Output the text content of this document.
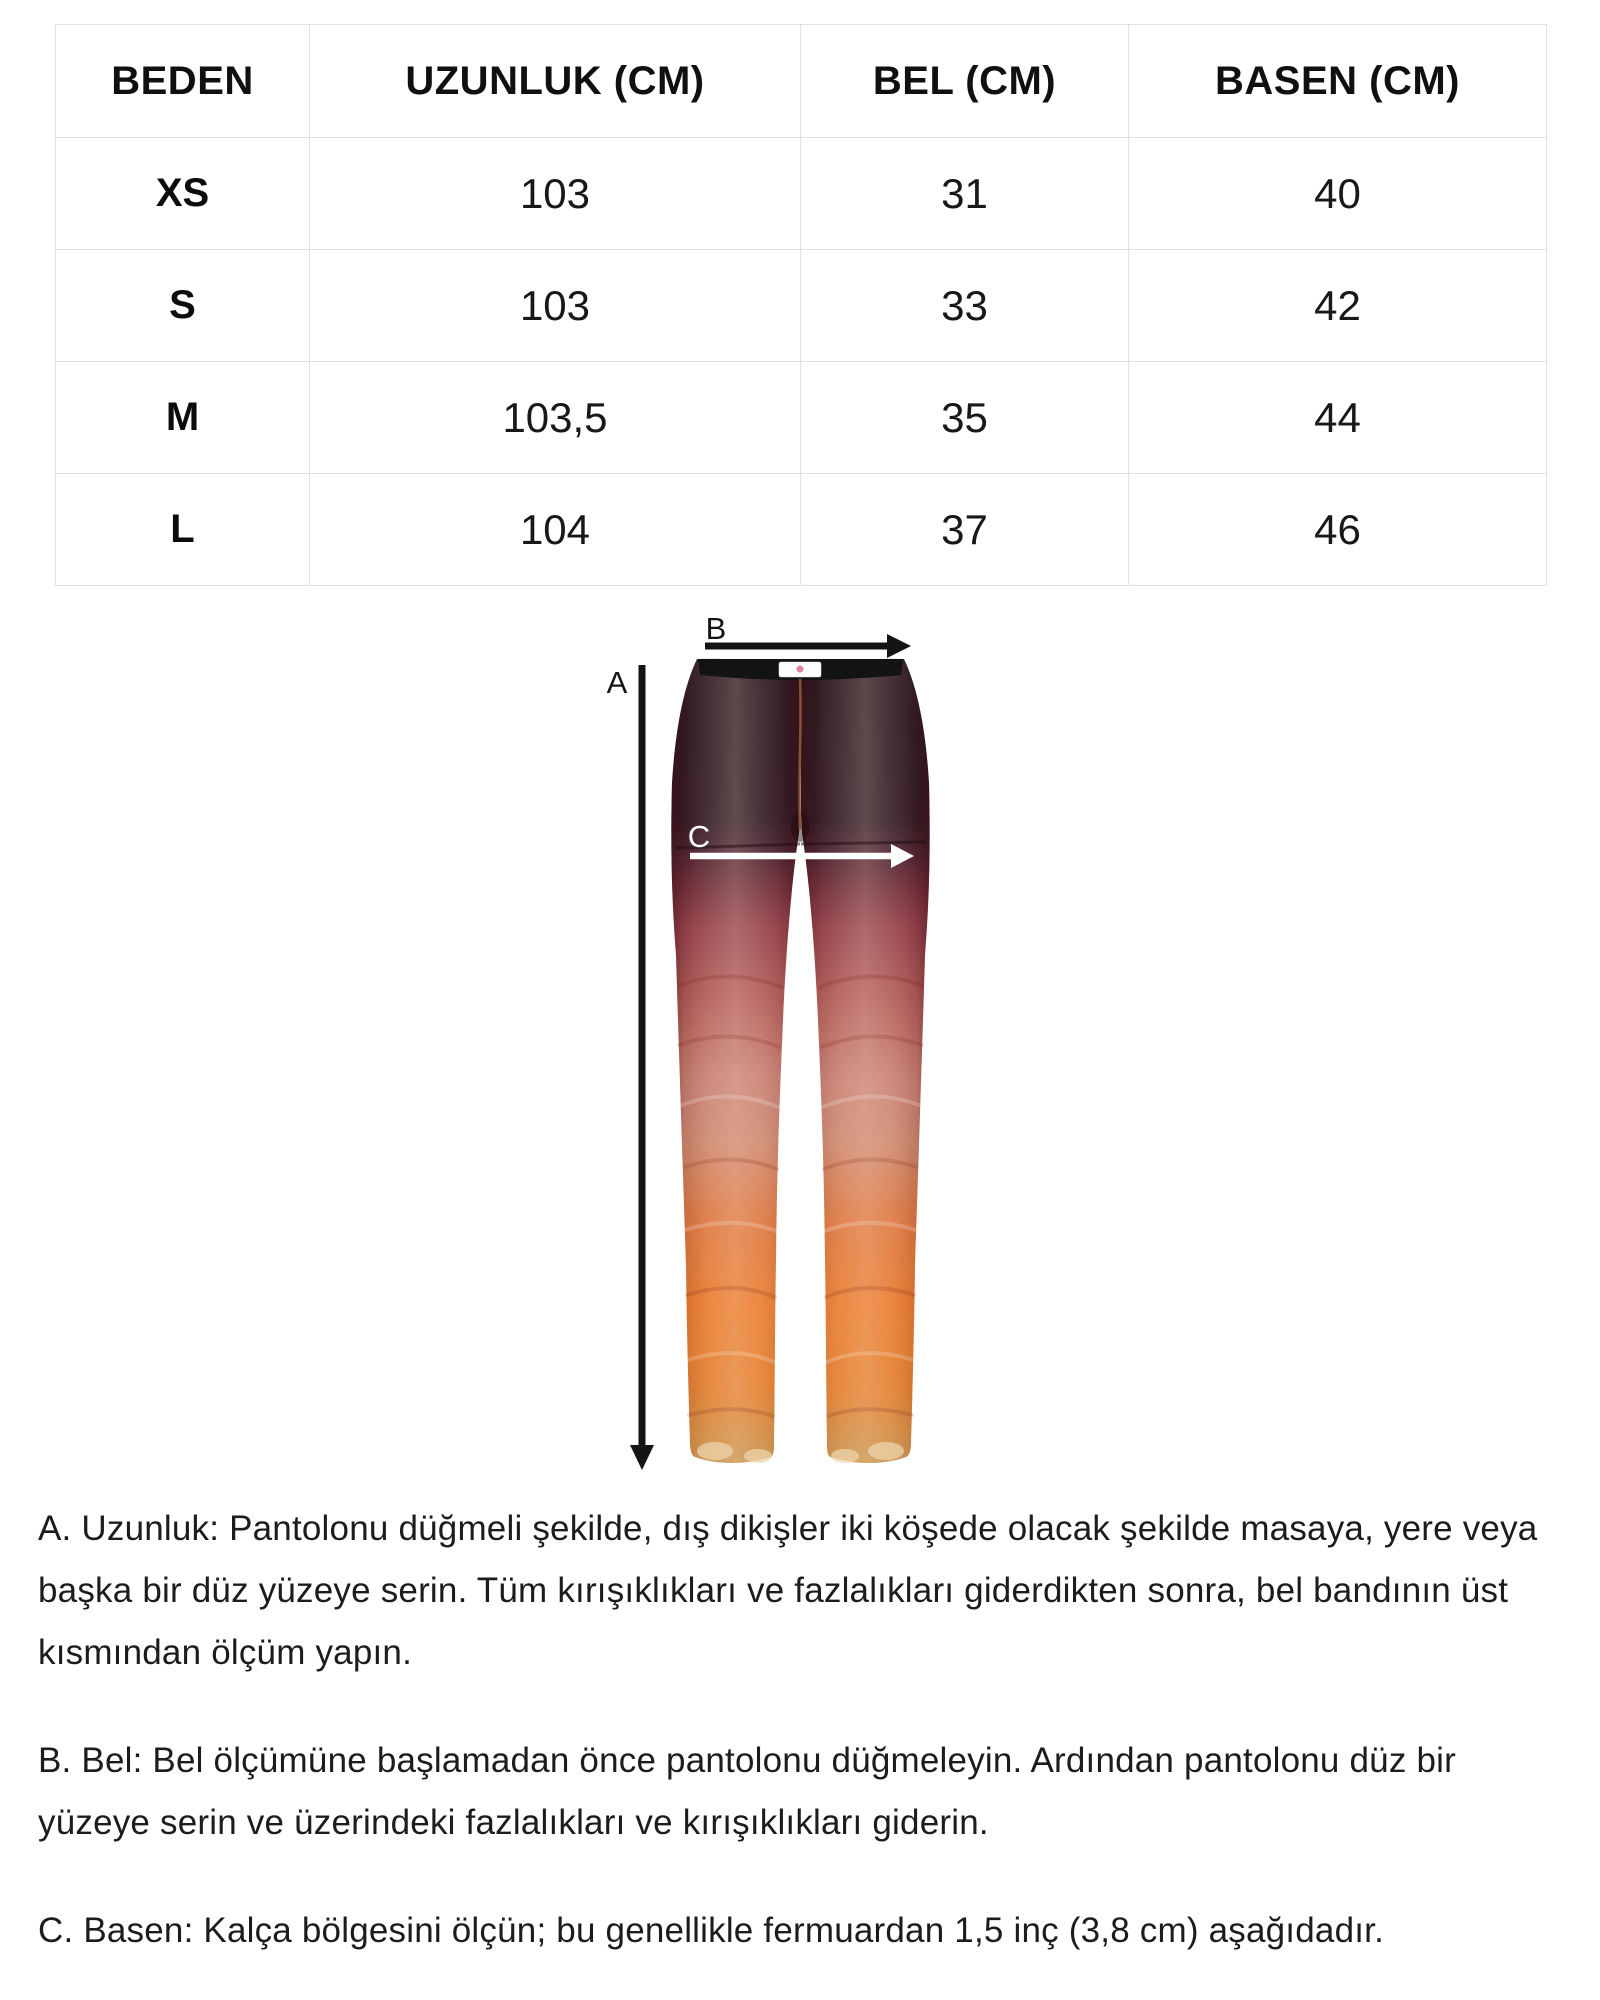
BEDEN	UZUNLUK (CM)	BEL (CM)	BASEN (CM)
XS	103	31	40
S	103	33	42
M	103,5	35	44
L	104	37	46
B
A
C

A. Uzunluk: Pantolonu düğmeli şekilde, dış dikişler iki köşede olacak şekilde masaya, yere veya başka bir düz yüzeye serin. Tüm kırışıklıkları ve fazlalıkları giderdikten sonra, bel bandının üst kısmından ölçüm yapın.

B. Bel: Bel ölçümüne başlamadan önce pantolonu düğmeleyin. Ardından pantolonu düz bir yüzeye serin ve üzerindeki fazlalıkları ve kırışıklıkları giderin.

C. Basen: Kalça bölgesini ölçün; bu genellikle fermuardan 1,5 inç (3,8 cm) aşağıdadır.
